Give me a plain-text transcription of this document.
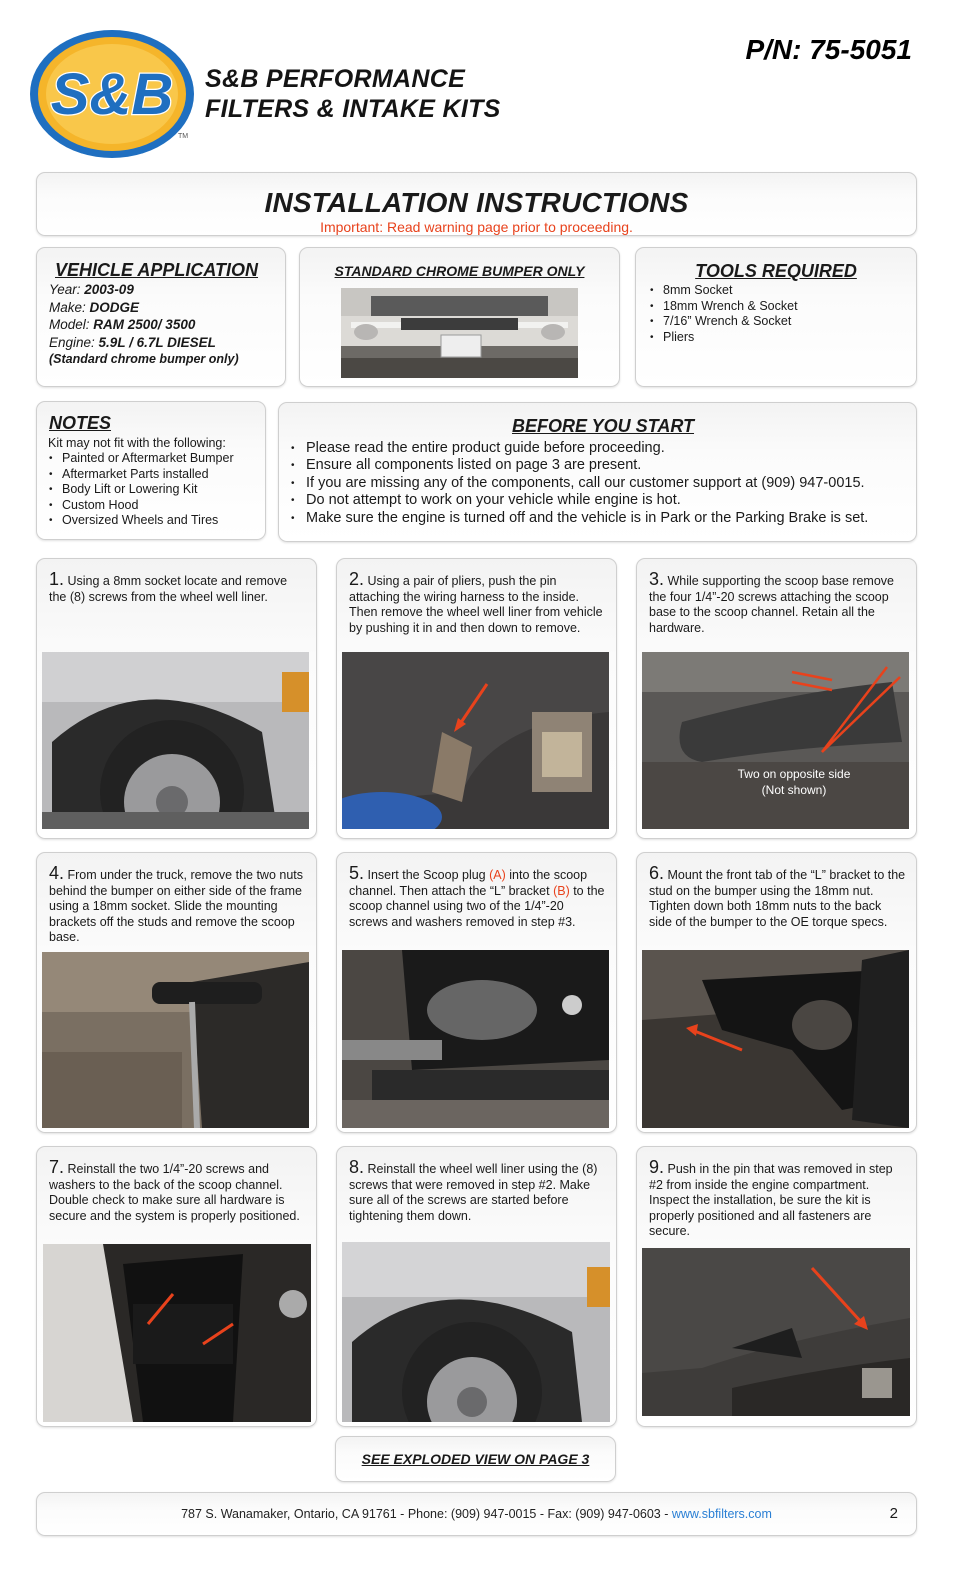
S&B
TM
S&B PERFORMANCE
FILTERS & INTAKE KITS
P/N: 75-5051
INSTALLATION INSTRUCTIONS
Important: Read warning page prior to proceeding.
VEHICLE APPLICATION
Year: 2003-09
Make: DODGE
Model: RAM 2500/ 3500
Engine: 5.9L / 6.7L DIESEL
(Standard chrome bumper only)
STANDARD CHROME BUMPER ONLY	TOOLS REQUIRED
• 8mm Socket
• 18mm Wrench & Socket
• 7/16” Wrench & Socket
• Pliers
NOTES
Kit may not fit with the following:
• Painted or Aftermarket Bumper
• Aftermarket Parts installed
• Body Lift or Lowering Kit
• Custom Hood
• Oversized Wheels and Tires
BEFORE YOU START
• Please read the entire product guide before proceeding.
• Ensure all components listed on page 3 are present.
• If you are missing any of the components, call our customer support at (909) 947-0015.
• Do not attempt to work on your vehicle while engine is hot.
• Make sure the engine is turned off and the vehicle is in Park or the Parking Brake is set.
1. Using a 8mm socket locate and remove the (8) screws from the wheel well liner.
2. Using a pair of pliers, push the pin attaching the wiring harness to the inside. Then remove the wheel well liner from vehicle by pushing it in and then down to remove.
3. While supporting the scoop base remove the four 1/4”-20 screws attaching the scoop base to the scoop channel. Retain all the hardware.
Two on opposite side
(Not shown)
4. From under the truck, remove the two nuts behind the bumper on either side of the frame using a 18mm socket. Slide the mounting brackets off the studs and remove the scoop base.
5. Insert the Scoop plug (A) into the scoop channel. Then attach the “L” bracket (B) to the scoop channel using two of the 1/4”-20 screws and washers removed in step #3.
6. Mount the front tab of the “L” bracket to the stud on the bumper using the 18mm nut. Tighten down both 18mm nuts to the back side of the bumper to the OE torque specs.
7. Reinstall the two 1/4”-20 screws and washers to the back of the scoop channel. Double check to make sure all hardware is secure and the system is properly positioned.
8. Reinstall the wheel well liner using the (8) screws that were removed in step #2. Make sure all of the screws are started before tightening them down.
9. Push in the pin that was removed in step #2 from inside the engine compartment. Inspect the installation, be sure the kit is properly positioned and all fasteners are secure.
SEE EXPLODED VIEW ON PAGE 3
787 S. Wanamaker, Ontario, CA 91761 - Phone: (909) 947-0015 - Fax: (909) 947-0603 - www.sbfilters.com	2
